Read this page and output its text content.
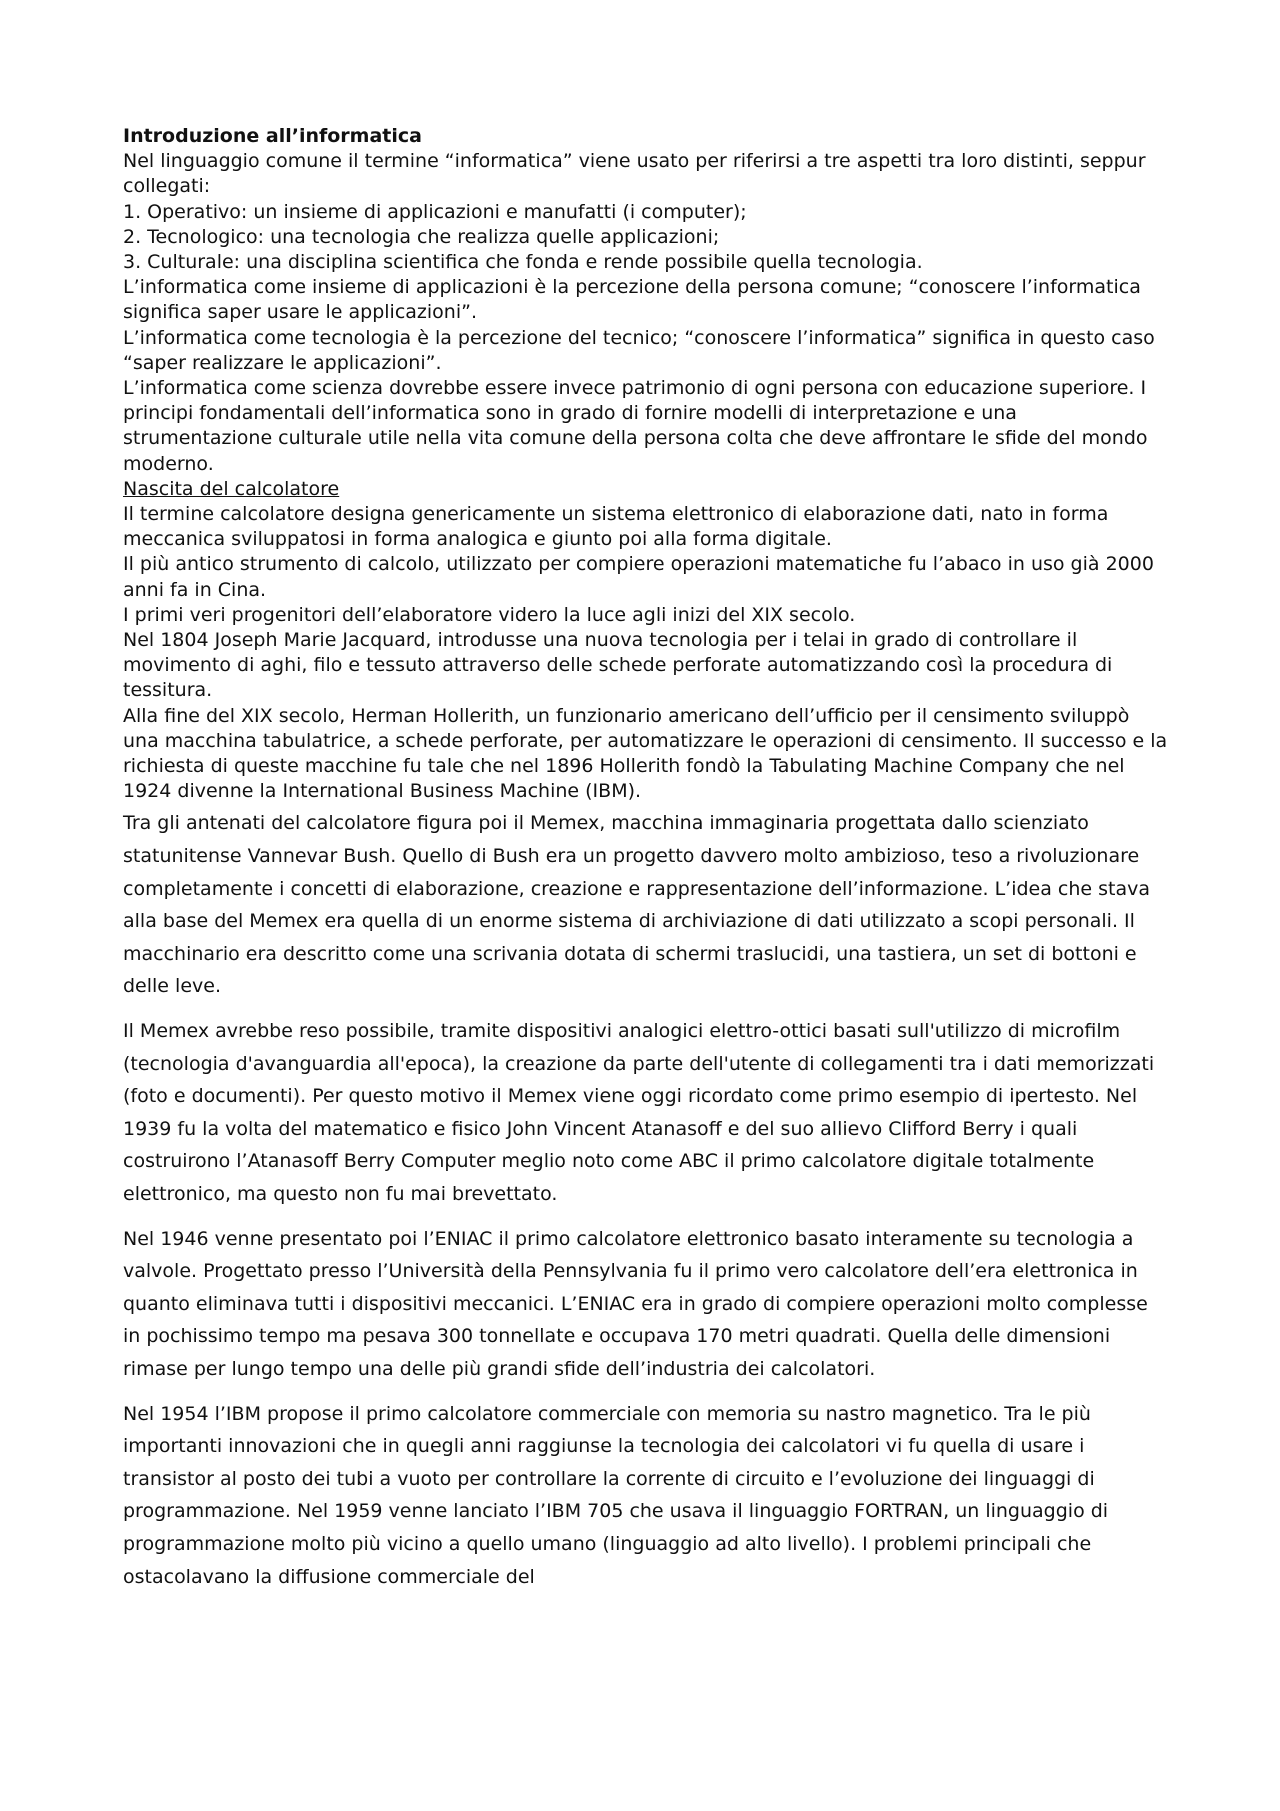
Introduzione all’informatica

Nel linguaggio comune il termine “informatica” viene usato per riferirsi a tre aspetti tra loro distinti, seppur collegati:

1. Operativo: un insieme di applicazioni e manufatti (i computer);

2. Tecnologico: una tecnologia che realizza quelle applicazioni;

3. Culturale: una disciplina scientifica che fonda e rende possibile quella tecnologia.

L’informatica come insieme di applicazioni è la percezione della persona comune; “conoscere l’informatica significa saper usare le applicazioni”.

L’informatica come tecnologia è la percezione del tecnico; “conoscere l’informatica” significa in questo caso “saper realizzare le applicazioni”.

L’informatica come scienza dovrebbe essere invece patrimonio di ogni persona con educazione superiore. I principi fondamentali dell’informatica sono in grado di fornire modelli di interpretazione e una strumentazione culturale utile nella vita comune della persona colta che deve affrontare le sfide del mondo moderno.

Nascita del calcolatore

Il termine calcolatore designa genericamente un sistema elettronico di elaborazione dati, nato in forma meccanica sviluppatosi in forma analogica e giunto poi alla forma digitale.

Il più antico strumento di calcolo, utilizzato per compiere operazioni matematiche fu l’abaco in uso già 2000 anni fa in Cina.

I primi veri progenitori dell’elaboratore videro la luce agli inizi del XIX secolo.

Nel 1804 Joseph Marie Jacquard, introdusse una nuova tecnologia per i telai in grado di controllare il movimento di aghi, filo e tessuto attraverso delle schede perforate automatizzando così la procedura di tessitura.

Alla fine del XIX secolo, Herman Hollerith, un funzionario americano dell’ufficio per il censimento sviluppò una macchina tabulatrice, a schede perforate, per automatizzare le operazioni di censimento. Il successo e la richiesta di queste macchine fu tale che nel 1896 Hollerith fondò la Tabulating Machine Company che nel 1924 divenne la International Business Machine (IBM).

Tra gli antenati del calcolatore figura poi il Memex, macchina immaginaria progettata dallo scienziato statunitense Vannevar Bush. Quello di Bush era un progetto davvero molto ambizioso, teso a rivoluzionare completamente i concetti di elaborazione, creazione e rappresentazione dell’informazione. L’idea che stava alla base del Memex era quella di un enorme sistema di archiviazione di dati utilizzato a scopi personali. Il macchinario era descritto come una scrivania dotata di schermi traslucidi, una tastiera, un set di bottoni e delle leve.

Il Memex avrebbe reso possibile, tramite dispositivi analogici elettro-ottici basati sull'utilizzo di microfilm (tecnologia d'avanguardia all'epoca), la creazione da parte dell'utente di collegamenti tra i dati memorizzati (foto e documenti). Per questo motivo il Memex viene oggi ricordato come primo esempio di ipertesto. Nel 1939 fu la volta del matematico e fisico John Vincent Atanasoff e del suo allievo Clifford Berry i quali costruirono l’Atanasoff Berry Computer meglio noto come ABC il primo calcolatore digitale totalmente elettronico, ma questo non fu mai brevettato.

Nel 1946 venne presentato poi l’ENIAC il primo calcolatore elettronico basato interamente su tecnologia a valvole. Progettato presso l’Università della Pennsylvania fu il primo vero calcolatore dell’era elettronica in quanto eliminava tutti i dispositivi meccanici. L’ENIAC era in grado di compiere operazioni molto complesse in pochissimo tempo ma pesava 300 tonnellate e occupava 170 metri quadrati. Quella delle dimensioni rimase per lungo tempo una delle più grandi sfide dell’industria dei calcolatori.

Nel 1954 l’IBM propose il primo calcolatore commerciale con memoria su nastro magnetico. Tra le più importanti innovazioni che in quegli anni raggiunse la tecnologia dei calcolatori vi fu quella di usare i transistor al posto dei tubi a vuoto per controllare la corrente di circuito e l’evoluzione dei linguaggi di programmazione. Nel 1959 venne lanciato l’IBM 705 che usava il linguaggio FORTRAN, un linguaggio di programmazione molto più vicino a quello umano (linguaggio ad alto livello). I problemi principali che ostacolavano la diffusione commerciale del
